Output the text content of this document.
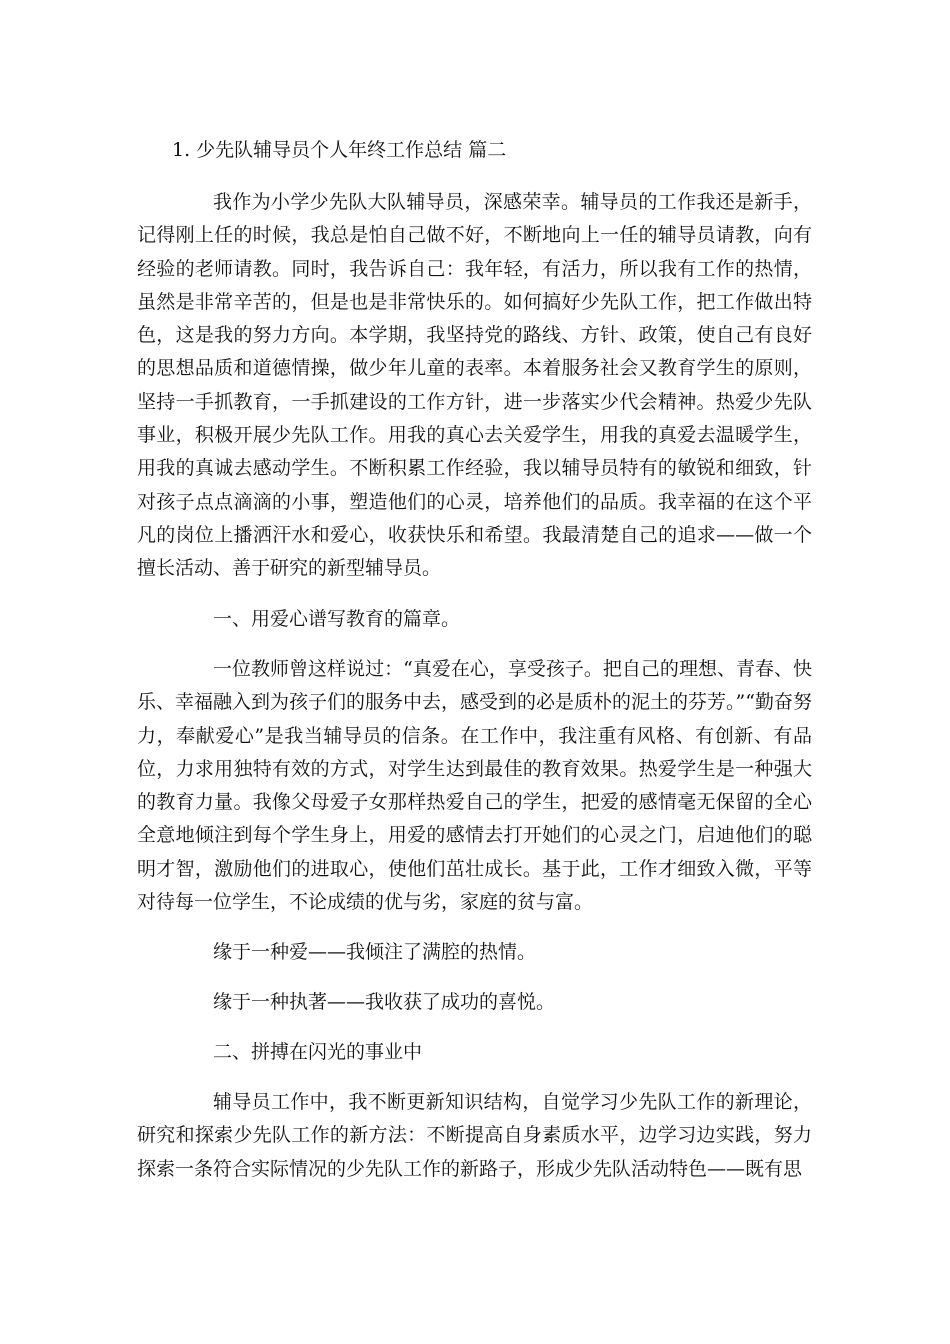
1. 少先队辅导员个人年终工作总结 篇二

我作为小学少先队大队辅导员，深感荣幸。辅导员的工作我还是新手，记得刚上任的时候，我总是怕自己做不好，不断地向上一任的辅导员请教，向有经验的老师请教。同时，我告诉自己：我年轻，有活力，所以我有工作的热情，虽然是非常辛苦的，但是也是非常快乐的。如何搞好少先队工作，把工作做出特色，这是我的努力方向。本学期，我坚持党的路线、方针、政策，使自己有良好的思想品质和道德情操，做少年儿童的表率。本着服务社会又教育学生的原则，坚持一手抓教育，一手抓建设的工作方针，进一步落实少代会精神。热爱少先队事业，积极开展少先队工作。用我的真心去关爱学生，用我的真爱去温暖学生，用我的真诚去感动学生。不断积累工作经验，我以辅导员特有的敏锐和细致，针对孩子点点滴滴的小事，塑造他们的心灵，培养他们的品质。我幸福的在这个平凡的岗位上播洒汗水和爱心，收获快乐和希望。我最清楚自己的追求——做一个擅长活动、善于研究的新型辅导员。

一、用爱心谱写教育的篇章。

一位教师曾这样说过：“真爱在心，享受孩子。把自己的理想、青春、快乐、幸福融入到为孩子们的服务中去，感受到的必是质朴的泥土的芬芳。”“勤奋努力，奉献爱心”是我当辅导员的信条。在工作中，我注重有风格、有创新、有品位，力求用独特有效的方式，对学生达到最佳的教育效果。热爱学生是一种强大的教育力量。我像父母爱子女那样热爱自己的学生，把爱的感情毫无保留的全心全意地倾注到每个学生身上，用爱的感情去打开她们的心灵之门，启迪他们的聪明才智，激励他们的进取心，使他们茁壮成长。基于此，工作才细致入微，平等对待每一位学生，不论成绩的优与劣，家庭的贫与富。

缘于一种爱——我倾注了满腔的热情。

缘于一种执著——我收获了成功的喜悦。

二、拼搏在闪光的事业中

辅导员工作中，我不断更新知识结构，自觉学习少先队工作的新理论，研究和探索少先队工作的新方法：不断提高自身素质水平，边学习边实践，努力探索一条符合实际情况的少先队工作的新路子，形成少先队活动特色——既有思
